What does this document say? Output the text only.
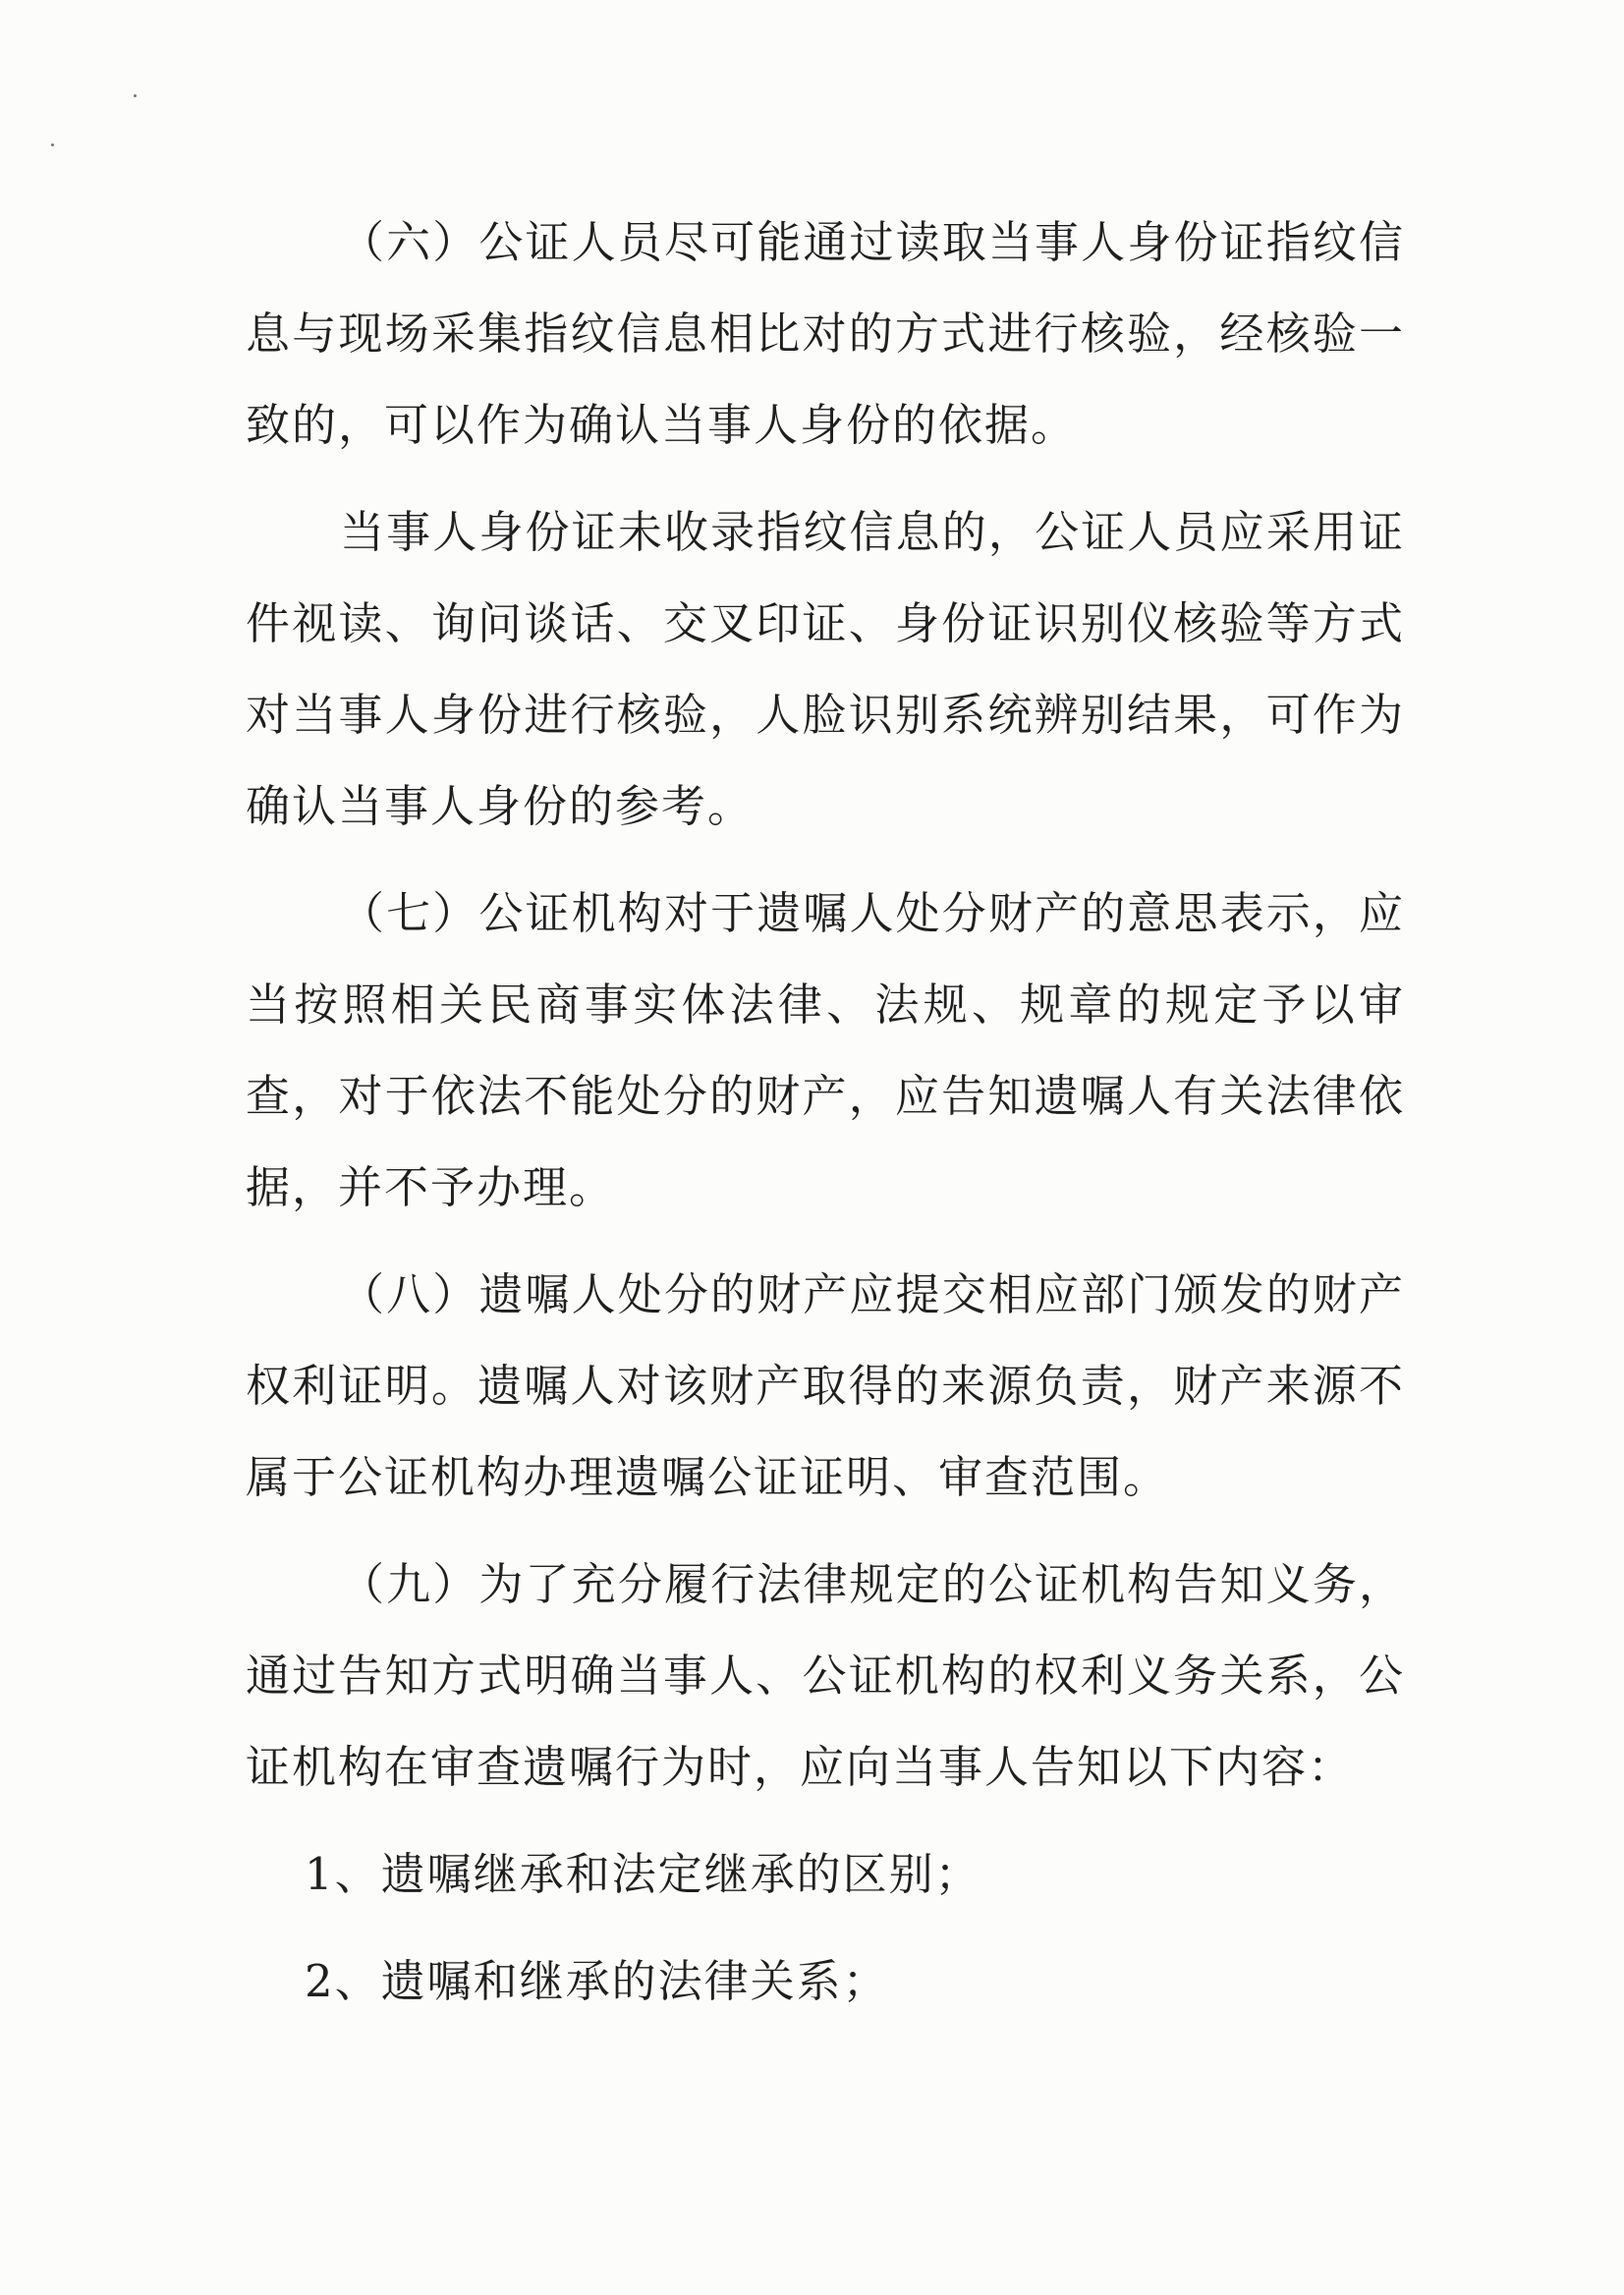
（六）公证人员尽可能通过读取当事人身份证指纹信息与现场采集指纹信息相比对的方式进行核验，经核验一致的，可以作为确认当事人身份的依据。

当事人身份证未收录指纹信息的，公证人员应采用证件视读、询问谈话、交叉印证、身份证识别仪核验等方式对当事人身份进行核验，人脸识别系统辨别结果，可作为确认当事人身份的参考。

（七）公证机构对于遗嘱人处分财产的意思表示，应当按照相关民商事实体法律、法规、规章的规定予以审查，对于依法不能处分的财产，应告知遗嘱人有关法律依据，并不予办理。

（八）遗嘱人处分的财产应提交相应部门颁发的财产权利证明。遗嘱人对该财产取得的来源负责，财产来源不属于公证机构办理遗嘱公证证明、审查范围。

（九）为了充分履行法律规定的公证机构告知义务，通过告知方式明确当事人、公证机构的权利义务关系，公证机构在审查遗嘱行为时，应向当事人告知以下内容：

1、遗嘱继承和法定继承的区别；

2、遗嘱和继承的法律关系；
